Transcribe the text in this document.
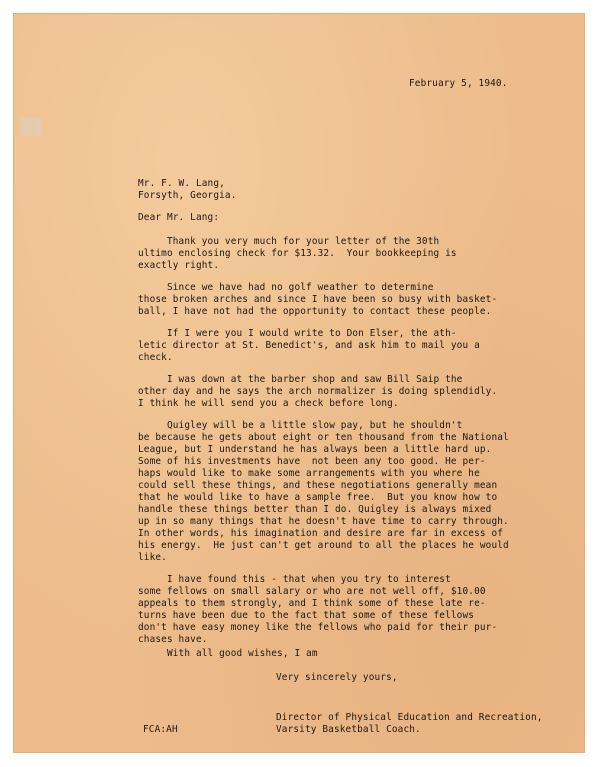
February 5, 1940.

Mr. F. W. Lang,

Forsyth, Georgia.

Dear Mr. Lang:

Thank you very much for your letter of the 30th

ultimo enclosing check for $13.32.  Your bookkeeping is

exactly right.

Since we have had no golf weather to determine

those broken arches and since I have been so busy with basket-

ball, I have not had the opportunity to contact these people.

If I were you I would write to Don Elser, the ath-

letic director at St. Benedict's, and ask him to mail you a

check.

I was down at the barber shop and saw Bill Saip the

other day and he says the arch normalizer is doing splendidly.

I think he will send you a check before long.

Quigley will be a little slow pay, but he shouldn't

be because he gets about eight or ten thousand from the National

League, but I understand he has always been a little hard up.

Some of his investments have  not been any too good. He per-

haps would like to make some arrangements with you where he

could sell these things, and these negotiations generally mean

that he would like to have a sample free.  But you know how to

handle these things better than I do. Quigley is always mixed

up in so many things that he doesn't have time to carry through.

In other words, his imagination and desire are far in excess of

his energy.  He just can't get around to all the places he would

like.

I have found this - that when you try to interest

some fellows on small salary or who are not well off, $10.00

appeals to them strongly, and I think some of these late re-

turns have been due to the fact that some of these fellows

don't have easy money like the fellows who paid for their pur-

chases have.

With all good wishes, I am

Very sincerely yours,

Director of Physical Education and Recreation,

Varsity Basketball Coach.

FCA:AH
